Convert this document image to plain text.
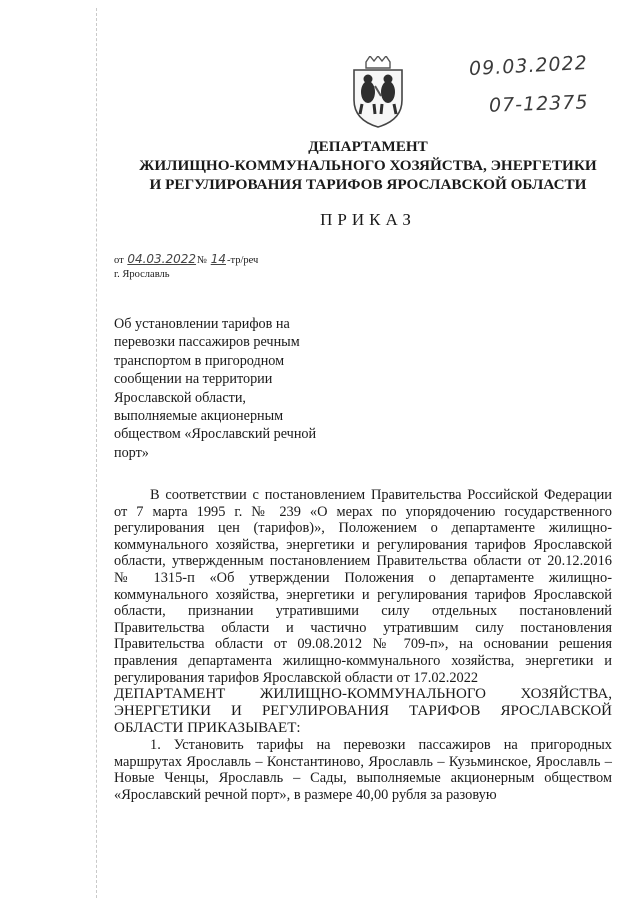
09.03.2022
07-12375
ДЕПАРТАМЕНТ
ЖИЛИЩНО-КОММУНАЛЬНОГО ХОЗЯЙСТВА, ЭНЕРГЕТИКИ
И РЕГУЛИРОВАНИЯ ТАРИФОВ ЯРОСЛАВСКОЙ ОБЛАСТИ
ПРИКАЗ
от 04.03.2022№ 14-тр/реч
г. Ярославль
Об установлении тарифов на перевозки пассажиров речным транспортом в пригородном сообщении на территории Ярославской области, выполняемые акционерным обществом «Ярославский речной порт»

В соответствии с постановлением Правительства Российской Федерации от 7 марта 1995 г. № 239 «О мерах по упорядочению государственного регулирования цен (тарифов)», Положением о департаменте жилищно-коммунального хозяйства, энергетики и регулирования тарифов Ярославской области, утвержденным постановлением Правительства области от 20.12.2016 № 1315-п «Об утверждении Положения о департаменте жилищно-коммунального хозяйства, энергетики и регулирования тарифов Ярославской области, признании утратившими силу отдельных постановлений Правительства области и частично утратившим силу постановления Правительства области от 09.08.2012 № 709-п», на основании решения правления департамента жилищно-коммунального хозяйства, энергетики и регулирования тарифов Ярославской области от 17.02.2022

ДЕПАРТАМЕНТ ЖИЛИЩНО-КОММУНАЛЬНОГО ХОЗЯЙСТВА, ЭНЕРГЕТИКИ И РЕГУЛИРОВАНИЯ ТАРИФОВ ЯРОСЛАВСКОЙ ОБЛАСТИ ПРИКАЗЫВАЕТ:

1. Установить тарифы на перевозки пассажиров на пригородных маршрутах Ярославль – Константиново, Ярославль – Кузьминское, Ярославль – Новые Ченцы, Ярославль – Сады, выполняемые акционерным обществом «Ярославский речной порт», в размере 40,00 рубля за разовую
